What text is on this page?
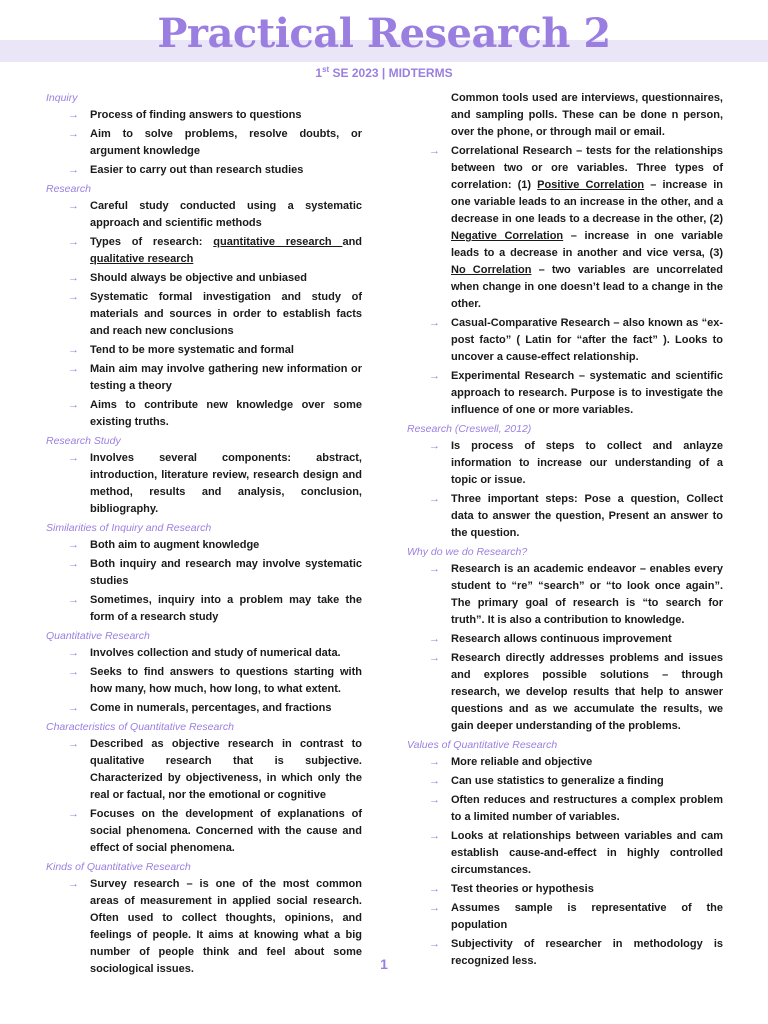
Practical Research 2
1st SE 2023 | MIDTERMS

Inquiry

→ Process of finding answers to questions
→ Aim to solve problems, resolve doubts, or argument knowledge
→ Easier to carry out than research studies

Research

→ Careful study conducted using a systematic approach and scientific methods
→ Types of research: quantitative research and qualitative research
→ Should always be objective and unbiased
→ Systematic formal investigation and study of materials and sources in order to establish facts and reach new conclusions
→ Tend to be more systematic and formal
→ Main aim may involve gathering new information or testing a theory
→ Aims to contribute new knowledge over some existing truths.

Research Study

→ Involves several components: abstract, introduction, literature review, research design and method, results and analysis, conclusion, bibliography.

Similarities of Inquiry and Research

→ Both aim to augment knowledge
→ Both inquiry and research may involve systematic studies
→ Sometimes, inquiry into a problem may take the form of a research study

Quantitative Research

→ Involves collection and study of numerical data.
→ Seeks to find answers to questions starting with how many, how much, how long, to what extent.
→ Come in numerals, percentages, and fractions

Characteristics of Quantitative Research

→ Described as objective research in contrast to qualitative research that is subjective. Characterized by objectiveness, in which only the real or factual, nor the emotional or cognitive
→ Focuses on the development of explanations of social phenomena. Concerned with the cause and effect of social phenomena.

Kinds of Quantitative Research

→ Survey research – is one of the most common areas of measurement in applied social research. Often used to collect thoughts, opinions, and feelings of people. It aims at knowing what a big number of people think and feel about some sociological issues.
Common tools used are interviews, questionnaires, and sampling polls. These can be done n person, over the phone, or through mail or email.
→ Correlational Research – tests for the relationships between two or ore variables. Three types of correlation: (1) Positive Correlation – increase in one variable leads to an increase in the other, and a decrease in one leads to a decrease in the other, (2) Negative Correlation – increase in one variable leads to a decrease in another and vice versa, (3) No Correlation – two variables are uncorrelated when change in one doesn’t lead to a change in the other.
→ Casual-Comparative Research – also known as “ex-post facto” ( Latin for “after the fact” ). Looks to uncover a cause-effect relationship.
→ Experimental Research – systematic and scientific approach to research. Purpose is to investigate the influence of one or more variables.

Research (Creswell, 2012)

→ Is process of steps to collect and anlayze information to increase our understanding of a topic or issue.
→ Three important steps: Pose a question, Collect data to answer the question, Present an answer to the question.

Why do we do Research?

→ Research is an academic endeavor – enables every student to “re” “search” or “to look once again”. The primary goal of research is “to search for truth”. It is also a contribution to knowledge.
→ Research allows continuous improvement
→ Research directly addresses problems and issues and explores possible solutions – through research, we develop results that help to answer questions and as we accumulate the results, we gain deeper understanding of the problems.

Values of Quantitative Research

→ More reliable and objective
→ Can use statistics to generalize a finding
→ Often reduces and restructures a complex problem to a limited number of variables.
→ Looks at relationships between variables and cam establish cause-and-effect in highly controlled circumstances.
→ Test theories or hypothesis
→ Assumes sample is representative of the population
→ Subjectivity of researcher in methodology is recognized less.
1
